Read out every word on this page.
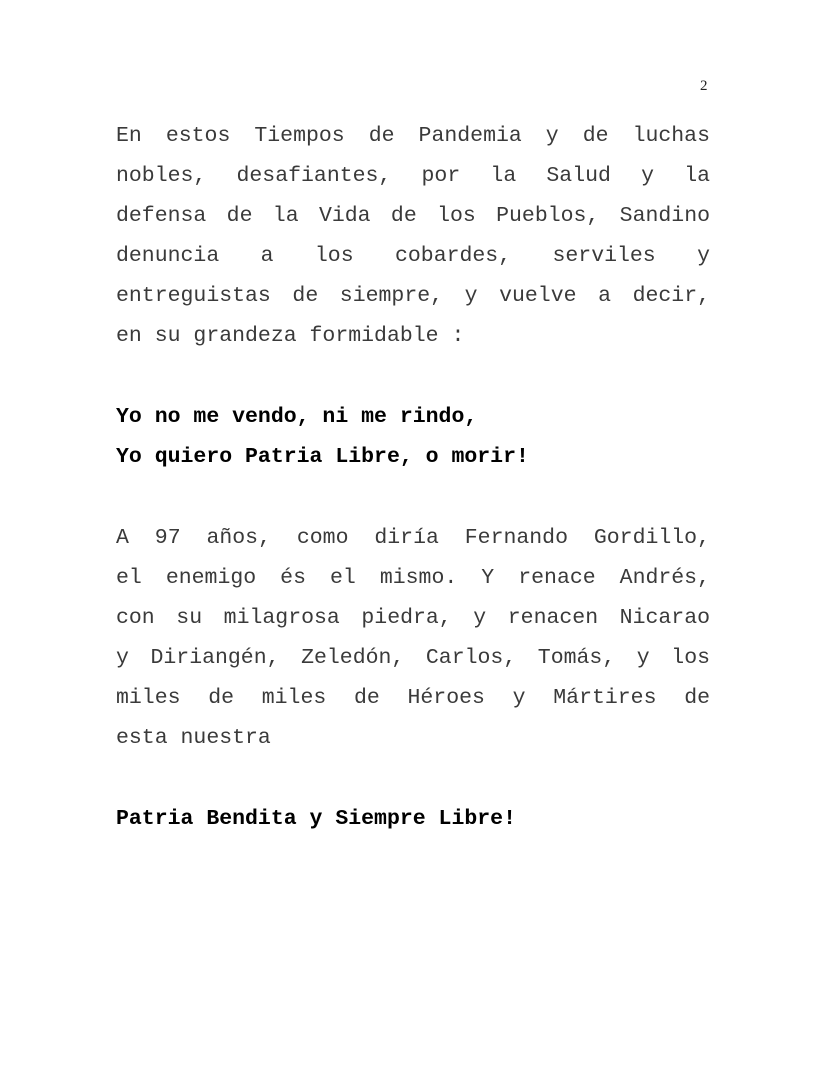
2

En estos Tiempos de Pandemia y de luchas

nobles, desafiantes, por la Salud y la

defensa de la Vida de los Pueblos, Sandino

denuncia a los cobardes, serviles y

entreguistas de siempre, y vuelve a decir,

en su grandeza formidable :

Yo no me vendo, ni me rindo,

Yo quiero Patria Libre, o morir!

A 97 años, como diría Fernando Gordillo,

el enemigo és el mismo. Y renace Andrés,

con su milagrosa piedra, y renacen Nicarao

y Diriangén, Zeledón, Carlos, Tomás, y los

miles de miles de Héroes y Mártires de

esta nuestra

Patria Bendita y Siempre Libre!
